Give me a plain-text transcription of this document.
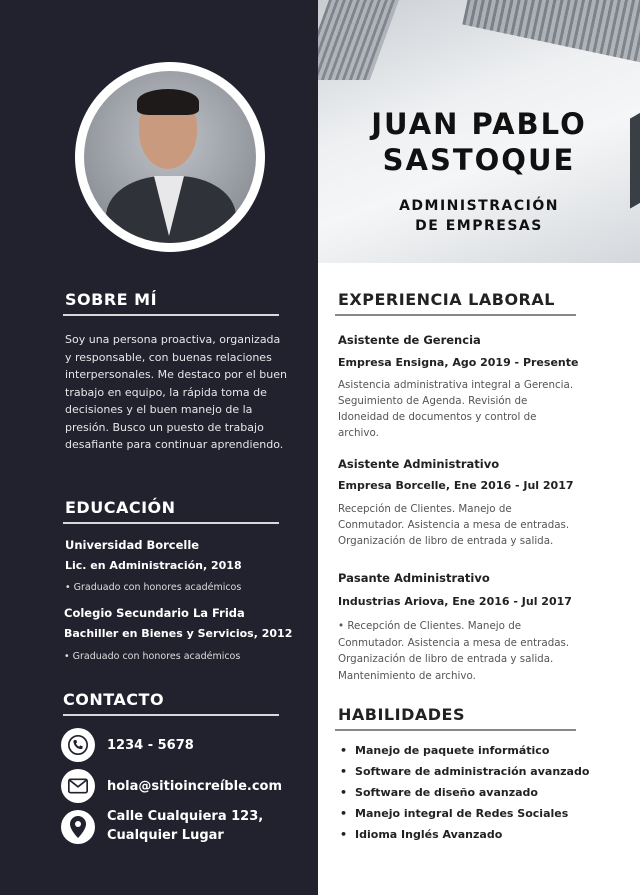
JUAN PABLO
SASTOQUE
ADMINISTRACIÓN
DE EMPRESAS
SOBRE MÍ
Soy una persona proactiva, organizada y responsable, con buenas relaciones interpersonales. Me destaco por el buen trabajo en equipo, la rápida toma de decisiones y el buen manejo de la presión. Busco un puesto de trabajo desafiante para continuar aprendiendo.
EDUCACIÓN
Universidad Borcelle
Lic. en Administración, 2018
• Graduado con honores académicos
Colegio Secundario La Frida
Bachiller en Bienes y Servicios, 2012
• Graduado con honores académicos
CONTACTO
1234 - 5678
hola@sitioincreíble.com
Calle Cualquiera 123,
Cualquier Lugar
EXPERIENCIA LABORAL
Asistente de Gerencia
Empresa Ensigna, Ago 2019 - Presente
Asistencia administrativa integral a Gerencia. Seguimiento de Agenda. Revisión de Idoneidad de documentos y control de archivo.
Asistente Administrativo
Empresa Borcelle, Ene 2016 - Jul 2017
Recepción de Clientes. Manejo de Conmutador. Asistencia a mesa de entradas. Organización de libro de entrada y salida.
Pasante Administrativo
Industrias Ariova, Ene 2016 - Jul 2017
• Recepción de Clientes. Manejo de Conmutador. Asistencia a mesa de entradas. Organización de libro de entrada y salida. Mantenimiento de archivo.
HABILIDADES
• Manejo de paquete informático
• Software de administración avanzado
• Software de diseño avanzado
• Manejo integral de Redes Sociales
• Idioma Inglés Avanzado
